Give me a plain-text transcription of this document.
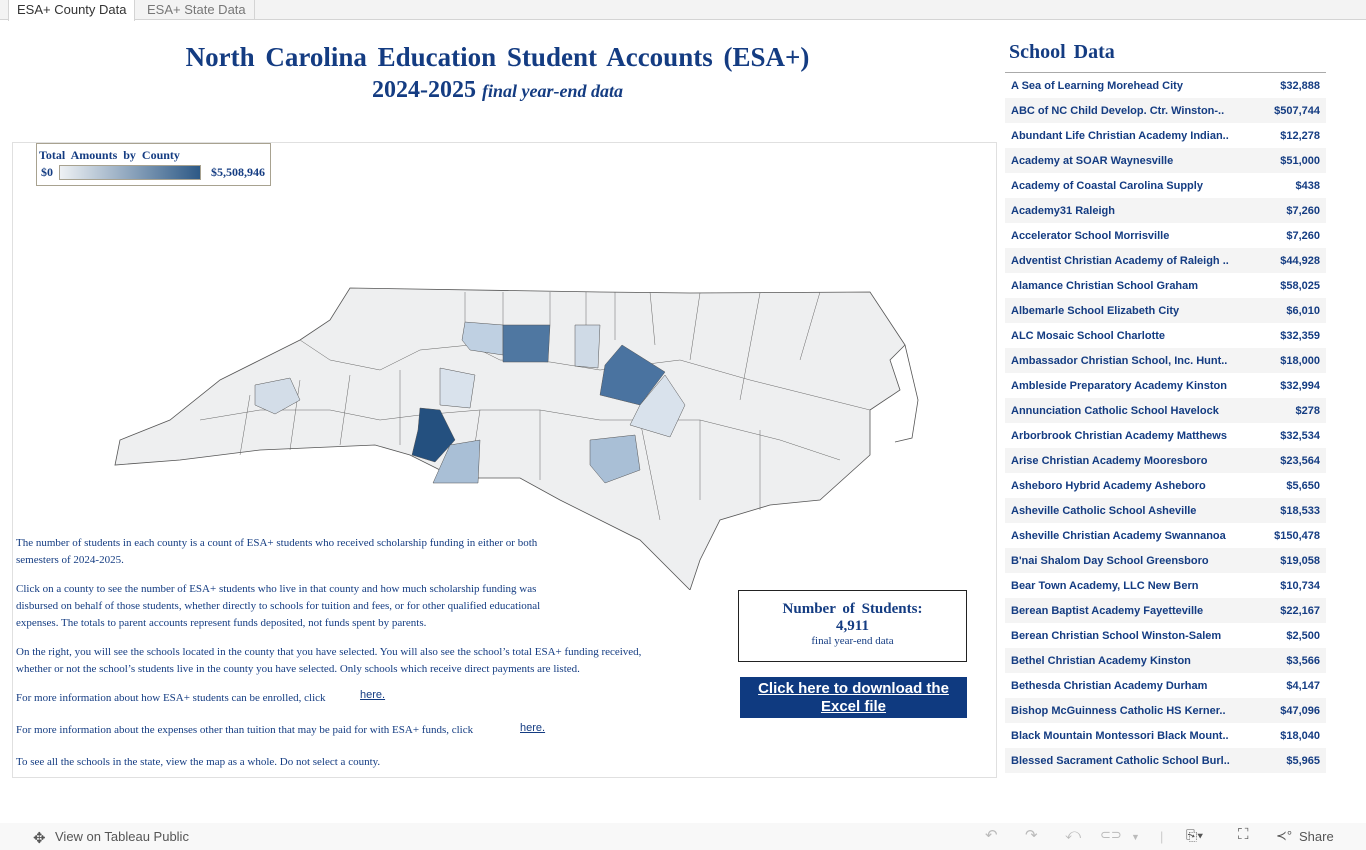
ESA+ County Data	ESA+ State Data
North Carolina Education Student Accounts (ESA+)
2024-2025 final year-end data
Total Amounts by County
$0	$5,508,946
The number of students in each county is a count of ESA+ students who received scholarship funding in either or both semesters of 2024-2025.
Click on a county to see the number of ESA+ students who live in that county and how much scholarship funding was disbursed on behalf of those students, whether directly to schools for tuition and fees, or for other qualified educational expenses. The totals to parent accounts represent funds deposited, not funds spent by parents.
On the right, you will see the schools located in the county that you have selected. You will also see the school’s total ESA+ funding received, whether or not the school’s students live in the county you have selected. Only schools which receive direct payments are listed.
For more information about how ESA+ students can be enrolled, click	here.
For more information about the expenses other than tuition that may be paid for with ESA+ funds, click	here.
To see all the schools in the state, view the map as a whole. Do not select a county.
Number of Students:
4,911
final year-end data
Click here to download the
Excel file
School Data
A Sea of Learning Morehead City	$32,888
ABC of NC Child Develop. Ctr. Winston-..	$507,744
Abundant Life Christian Academy Indian..	$12,278
Academy at SOAR Waynesville	$51,000
Academy of Coastal Carolina Supply	$438
Academy31 Raleigh	$7,260
Accelerator School Morrisville	$7,260
Adventist Christian Academy of Raleigh ..	$44,928
Alamance Christian School Graham	$58,025
Albemarle School Elizabeth City	$6,010
ALC Mosaic School Charlotte	$32,359
Ambassador Christian School, Inc. Hunt..	$18,000
Ambleside Preparatory Academy Kinston	$32,994
Annunciation Catholic School Havelock	$278
Arborbrook Christian Academy Matthews	$32,534
Arise Christian Academy Mooresboro	$23,564
Asheboro Hybrid Academy Asheboro	$5,650
Asheville Catholic School Asheville	$18,533
Asheville Christian Academy Swannanoa	$150,478
B'nai Shalom Day School Greensboro	$19,058
Bear Town Academy, LLC New Bern	$10,734
Berean Baptist Academy Fayetteville	$22,167
Berean Christian School Winston-Salem	$2,500
Bethel Christian Academy Kinston	$3,566
Bethesda Christian Academy Durham	$4,147
Bishop McGuinness Catholic HS Kerner..	$47,096
Black Mountain Montessori Black Mount..	$18,040
Blessed Sacrament Catholic School Burl..	$5,965
✥ View on Tableau Public	↶ ↷ ⤺ ⊂⊃ ▼ | ⎘▾ ⛶ ≺° Share
